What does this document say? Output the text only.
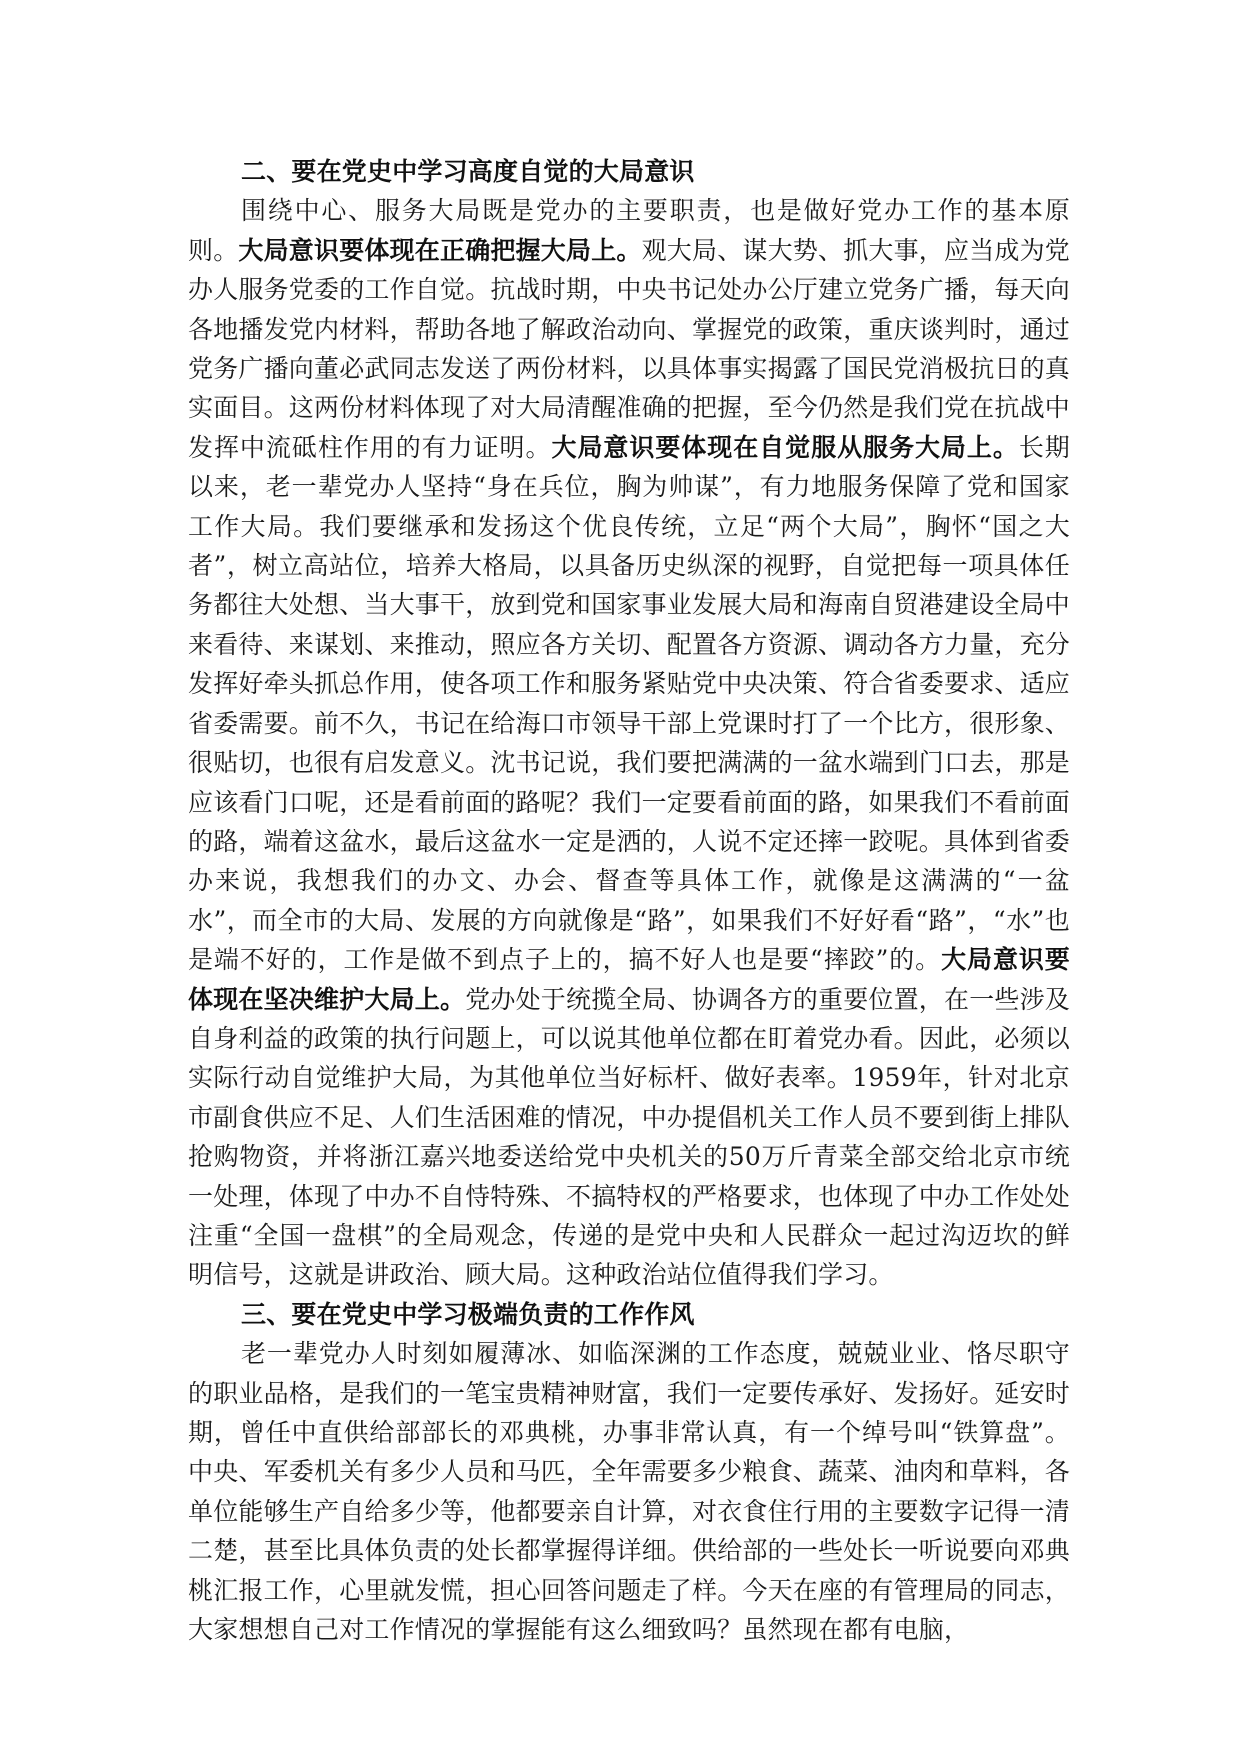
二、要在党史中学习高度自觉的大局意识

围绕中心、服务大局既是党办的主要职责，也是做好党办工作的基本原则。大局意识要体现在正确把握大局上。观大局、谋大势、抓大事，应当成为党办人服务党委的工作自觉。抗战时期，中央书记处办公厅建立党务广播，每天向各地播发党内材料，帮助各地了解政治动向、掌握党的政策，重庆谈判时，通过党务广播向董必武同志发送了两份材料，以具体事实揭露了国民党消极抗日的真实面目。这两份材料体现了对大局清醒准确的把握，至今仍然是我们党在抗战中发挥中流砥柱作用的有力证明。大局意识要体现在自觉服从服务大局上。长期以来，老一辈党办人坚持“身在兵位，胸为帅谋”，有力地服务保障了党和国家工作大局。我们要继承和发扬这个优良传统，立足“两个大局”，胸怀“国之大者”，树立高站位，培养大格局，以具备历史纵深的视野，自觉把每一项具体任务都往大处想、当大事干，放到党和国家事业发展大局和海南自贸港建设全局中来看待、来谋划、来推动，照应各方关切、配置各方资源、调动各方力量，充分发挥好牵头抓总作用，使各项工作和服务紧贴党中央决策、符合省委要求、适应省委需要。前不久，书记在给海口市领导干部上党课时打了一个比方，很形象、很贴切，也很有启发意义。沈书记说，我们要把满满的一盆水端到门口去，那是应该看门口呢，还是看前面的路呢？我们一定要看前面的路，如果我们不看前面的路，端着这盆水，最后这盆水一定是洒的，人说不定还摔一跤呢。具体到省委办来说，我想我们的办文、办会、督查等具体工作，就像是这满满的“一盆水”，而全市的大局、发展的方向就像是“路”，如果我们不好好看“路”，“水”也是端不好的，工作是做不到点子上的，搞不好人也是要“摔跤”的。大局意识要体现在坚决维护大局上。党办处于统揽全局、协调各方的重要位置，在一些涉及自身利益的政策的执行问题上，可以说其他单位都在盯着党办看。因此，必须以实际行动自觉维护大局，为其他单位当好标杆、做好表率。1959年，针对北京市副食供应不足、人们生活困难的情况，中办提倡机关工作人员不要到街上排队抢购物资，并将浙江嘉兴地委送给党中央机关的50万斤青菜全部交给北京市统一处理，体现了中办不自恃特殊、不搞特权的严格要求，也体现了中办工作处处注重“全国一盘棋”的全局观念，传递的是党中央和人民群众一起过沟迈坎的鲜明信号，这就是讲政治、顾大局。这种政治站位值得我们学习。

三、要在党史中学习极端负责的工作作风

老一辈党办人时刻如履薄冰、如临深渊的工作态度，兢兢业业、恪尽职守的职业品格，是我们的一笔宝贵精神财富，我们一定要传承好、发扬好。延安时期，曾任中直供给部部长的邓典桃，办事非常认真，有一个绰号叫“铁算盘”。中央、军委机关有多少人员和马匹，全年需要多少粮食、蔬菜、油肉和草料，各单位能够生产自给多少等，他都要亲自计算，对衣食住行用的主要数字记得一清二楚，甚至比具体负责的处长都掌握得详细。供给部的一些处长一听说要向邓典桃汇报工作，心里就发慌，担心回答问题走了样。今天在座的有管理局的同志，大家想想自己对工作情况的掌握能有这么细致吗？虽然现在都有电脑，
